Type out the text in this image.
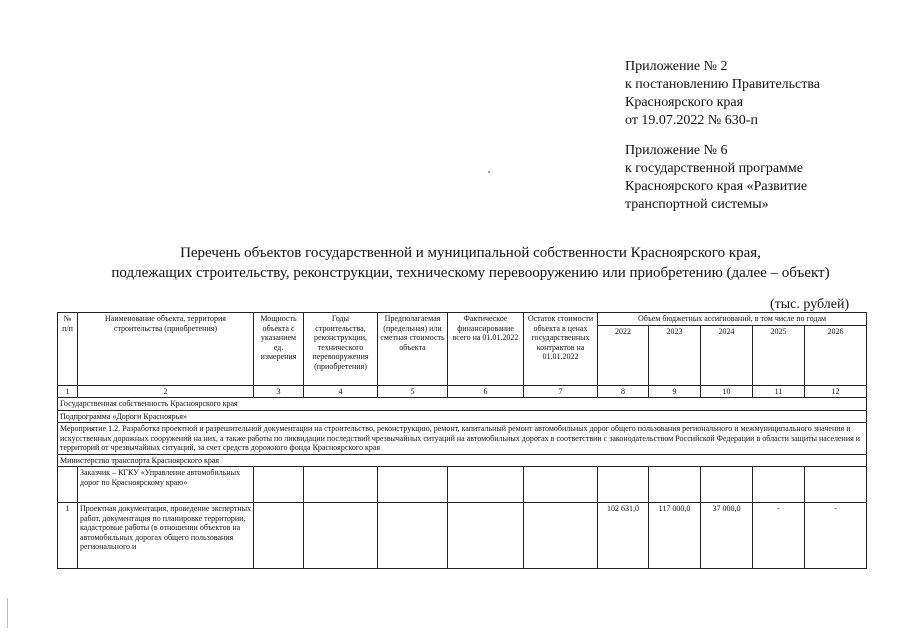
Приложение № 2
к постановлению Правительства
Красноярского края
от 19.07.2022 № 630-п
Приложение № 6
к государственной программе
Красноярского края «Развитие
транспортной системы»
Перечень объектов государственной и муниципальной собственности Красноярского края,
подлежащих строительству, реконструкции, техническому перевооружению или приобретению (далее – объект)
(тыс. рублей)
№ п/п	Наименование объекта, территория строительства (приобретения)	Мощность объекта с указанием ед. измерения	Годы строительства, реконструкции, технического перевооружения (приобретения)	Предполагаемая (предельная) или сметная стоимость объекта	Фактическое финансирование всего на 01.01.2022	Остаток стоимости объекта в ценах государственных контрактов на 01.01.2022	Объем бюджетных ассигнований, в том числе по годам				
							2022	2023	2024	2025	2026
1	2	3	4	5	6	7	8	9	10	11	12
Государственная собственность Красноярского края											
Подпрограмма «Дороги Красноярья»											
Мероприятие 1.2. Разработка проектной и разрешительной документации на строительство, реконструкцию, ремонт, капитальный ремонт автомобильных дорог общего пользования регионального и межмуниципального значения и искусственных дорожных сооружений на них, а также работы по ликвидации последствий чрезвычайных ситуаций на автомобильных дорогах в соответствии с законодательством Российской Федерации в области защиты населения и территорий от чрезвычайных ситуаций, за счет средств дорожного фонда Красноярского края											
Министерство транспорта Красноярского края											
	Заказчик – КГКУ «Управление автомобильных дорог по Красноярскому краю»										
1	Проектная документация, проведение экспертных работ, документация по планировке территории, кадастровые работы (в отношении объектов на автомобильных дорогах общего пользования регионального и						102 631,0	117 000,0	37 000,0	-	-
